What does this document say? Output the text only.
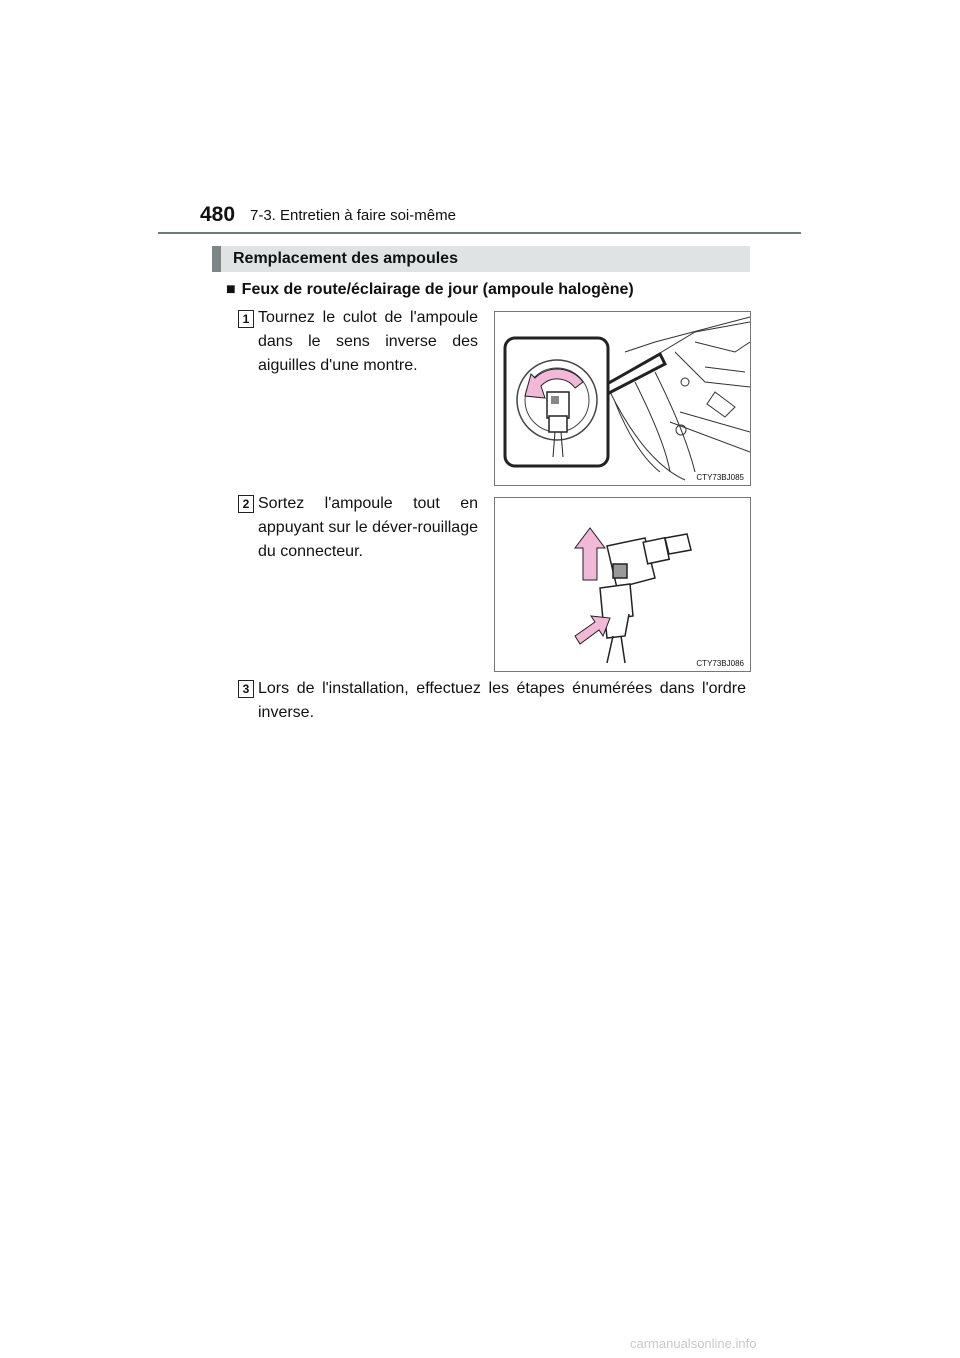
480 7-3. Entretien à faire soi-même
Remplacement des ampoules
■ Feux de route/éclairage de jour (ampoule halogène)
1 Tournez le culot de l'ampoule dans le sens inverse des aiguilles d'une montre.
CTY73BJ085
2 Sortez l'ampoule tout en appuyant sur le déver-rouillage du connecteur.
CTY73BJ086
3 Lors de l'installation, effectuez les étapes énumérées dans l'ordre inverse.
carmanualsonline.info
